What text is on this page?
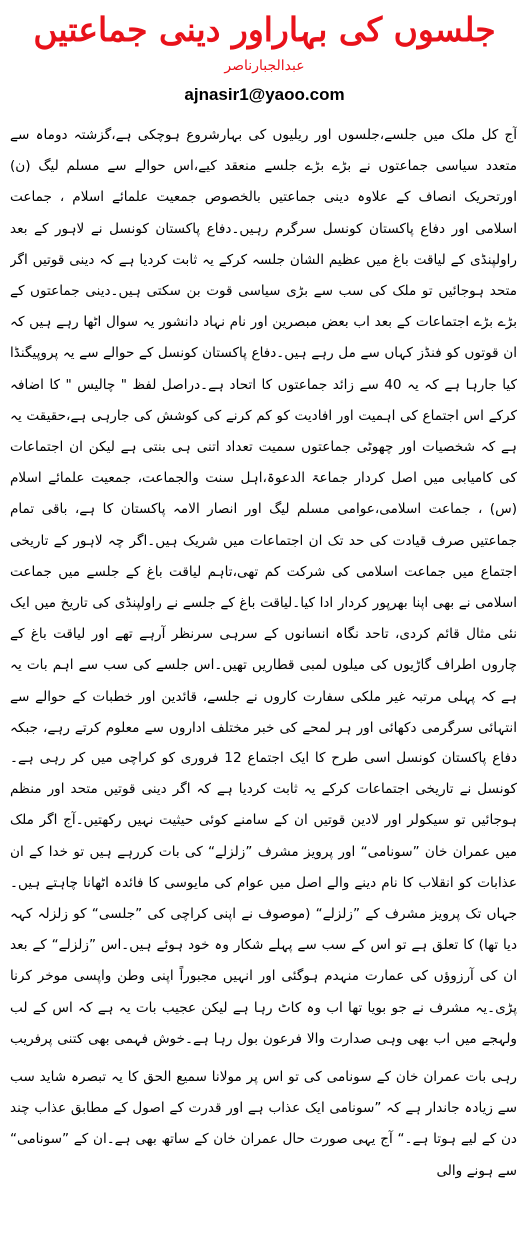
جلسوں کی بہاراور دینی جماعتیں
عبدالجبارناصر
ajnasir1@yaoo.com
آج کل ملک میں جلسے،جلسوں اور ریلیوں کی بہارشروع ہوچکی ہے،گزشتہ دوماہ سے متعدد سیاسی جماعتوں نے بڑے بڑے جلسے منعقد کیے،اس حوالے سے مسلم لیگ (ن) اورتحریک انصاف کے علاوہ دینی جماعتیں بالخصوص جمعیت علمائے اسلام ، جماعت اسلامی اور دفاع پاکستان کونسل سرگرم رہیں۔دفاع پاکستان کونسل نے لاہور کے بعد راولپنڈی کے لیاقت باغ میں عظیم الشان جلسہ کرکے یہ ثابت کردیا ہے کہ دینی قوتیں اگر متحد ہوجائیں تو ملک کی سب سے بڑی سیاسی قوت بن سکتی ہیں۔دینی جماعتوں کے بڑے بڑے اجتماعات کے بعد اب بعض مبصرین اور نام نہاد دانشور یہ سوال اٹھا رہے ہیں کہ ان قوتوں کو فنڈز کہاں سے مل رہے ہیں۔دفاع پاکستان کونسل کے حوالے سے یہ پروپیگنڈا کیا جارہا ہے کہ یہ 40 سے زائد جماعتوں کا اتحاد ہے۔دراصل لفظ " چالیس " کا اضافہ کرکے اس اجتماع کی اہمیت اور افادیت کو کم کرنے کی کوشش کی جارہی ہے،حقیقت یہ ہے کہ شخصیات اور چھوٹی جماعتوں سمیت تعداد اتنی ہی بنتی ہے لیکن ان اجتماعات کی کامیابی میں اصل کردار جماعۃ الدعوۃ،اہل سنت والجماعت، جمعیت علمائے اسلام (س) ، جماعت اسلامی،عوامی مسلم لیگ اور انصار الامہ پاکستان کا ہے، باقی تمام جماعتیں صرف قیادت کی حد تک ان اجتماعات میں شریک ہیں۔اگر چہ لاہور کے تاریخی اجتماع میں جماعت اسلامی کی شرکت کم تھی،تاہم لیاقت باغ کے جلسے میں جماعت اسلامی نے بھی اپنا بھرپور کردار ادا کیا۔لیاقت باغ کے جلسے نے راولپنڈی کی تاریخ میں ایک نئی مثال قائم کردی، تاحد نگاہ انسانوں کے سرہی سرنظر آرہے تھے اور لیاقت باغ کے چاروں اطراف گاڑیوں کی میلوں لمبی قطاریں تھیں۔اس جلسے کی سب سے اہم بات یہ ہے کہ پہلی مرتبہ غیر ملکی سفارت کاروں نے جلسے، قائدین اور خطبات کے حوالے سے انتہائی سرگرمی دکھائی اور ہر لمحے کی خبر مختلف اداروں سے معلوم کرتے رہے، جبکہ
دفاع پاکستان کونسل اسی طرح کا ایک اجتماع 12 فروری کو کراچی میں کر رہی ہے۔کونسل نے تاریخی اجتماعات کرکے یہ ثابت کردیا ہے کہ اگر دینی قوتیں متحد اور منظم ہوجائیں تو سیکولر اور لادین قوتیں ان کے سامنے کوئی حیثیت نہیں رکھتیں۔آج اگر ملک میں عمران خان ”سونامی“ اور پرویز مشرف ”زلزلے“ کی بات کررہے ہیں تو خدا کے ان عذابات کو انقلاب کا نام دینے والے اصل میں عوام کی مایوسی کا فائدہ اٹھانا چاہتے ہیں۔جہاں تک پرویز مشرف کے ”زلزلے“ (موصوف نے اپنی کراچی کی ”جلسی“ کو زلزلہ کہہ دیا تھا) کا تعلق ہے تو اس کے سب سے پہلے شکار وہ خود ہوئے ہیں۔اس ”زلزلے“ کے بعد ان کی آرزوؤں کی عمارت منہدم ہوگئی اور انہیں مجبوراً اپنی وطن واپسی موخر کرنا پڑی۔یہ مشرف نے جو بویا تھا اب وہ کاٹ رہا ہے لیکن عجیب بات یہ ہے کہ اس کے لب ولہجے میں اب بھی وہی صدارت والا فرعون بول رہا ہے۔خوش فہمی بھی کتنی پرفریب
رہی بات عمران خان کے سونامی کی تو اس پر مولانا سمیع الحق کا یہ تبصرہ شاید سب سے زیادہ جاندار ہے کہ ”سونامی ایک عذاب ہے اور قدرت کے اصول کے مطابق عذاب چند دن کے لیے ہوتا ہے۔“ آج یہی صورت حال عمران خان کے ساتھ بھی ہے۔ان کے ”سونامی“ سے ہونے والی
